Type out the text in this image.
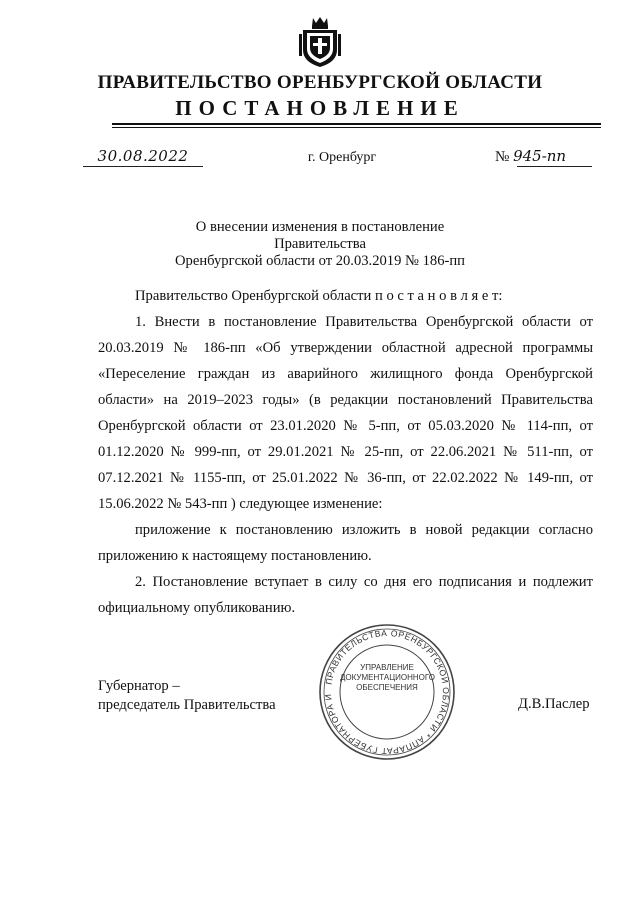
ПРАВИТЕЛЬСТВО ОРЕНБУРГСКОЙ ОБЛАСТИ
ПОСТАНОВЛЕНИЕ
30.08.2022	г. Оренбург	№ 945-пп
О внесении изменения в постановление Правительства
Оренбургской области от 20.03.2019 № 186-пп
Правительство Оренбургской области п о с т а н о в л я е т:
1. Внести в постановление Правительства Оренбургской области от 20.03.2019 № 186-пп «Об утверждении областной адресной программы «Переселение граждан из аварийного жилищного фонда Оренбургской области» на 2019–2023 годы» (в редакции постановлений Правительства Оренбургской области от 23.01.2020 № 5-пп, от 05.03.2020 № 114-пп, от 01.12.2020 № 999-пп, от 29.01.2021 № 25-пп, от 22.06.2021 № 511-пп, от 07.12.2021 № 1155-пп, от 25.01.2022 № 36-пп, от 22.02.2022 № 149-пп, от 15.06.2022 № 543-пп ) следующее изменение:
приложение к постановлению изложить в новой редакции согласно приложению к настоящему постановлению.
2. Постановление вступает в силу со дня его подписания и подлежит официальному опубликованию.
ПРАВИТЕЛЬСТВА ОРЕНБУРГСКОЙ ОБЛАСТИ * АППАРАТ ГУБЕРНАТОРА И
УПРАВЛЕНИЕ
ДОКУМЕНТАЦИОННОГО
ОБЕСПЕЧЕНИЯ
Губернатор –
председатель Правительства	Д.В.Паслер
